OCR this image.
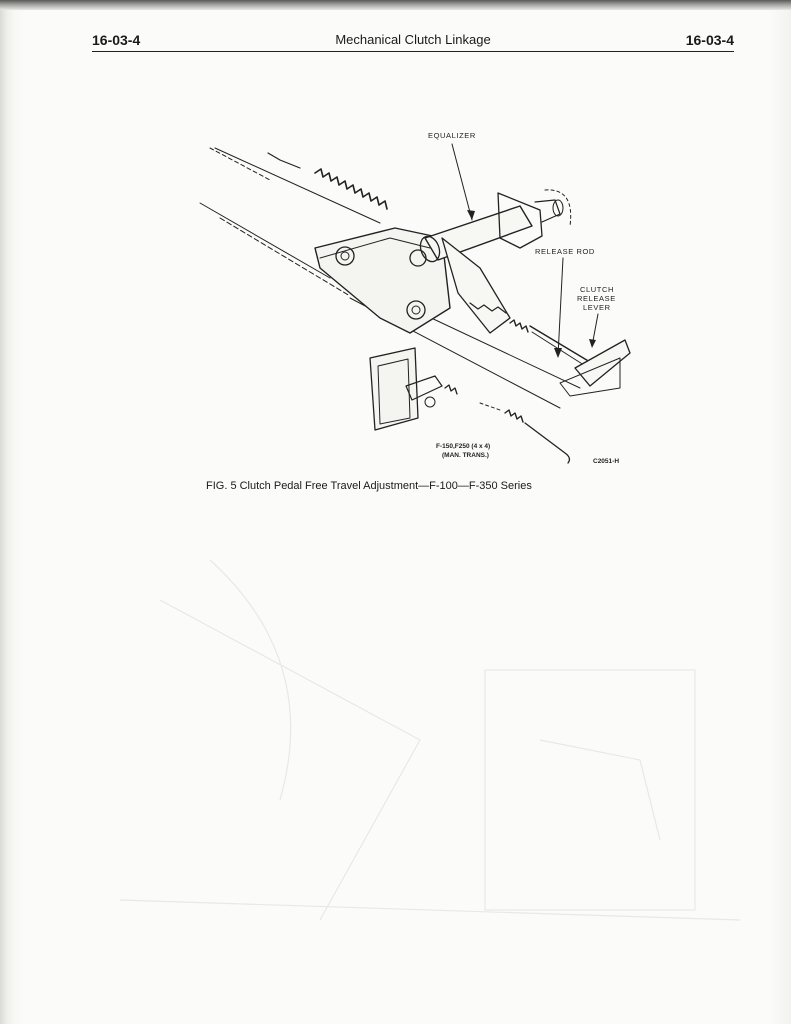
16-03-4	Mechanical Clutch Linkage	16-03-4
EQUALIZER
RELEASE ROD
CLUTCH
RELEASE
LEVER
F-150,F250 (4 x 4)
(MAN. TRANS.)
C2051-H
FIG. 5 Clutch Pedal Free Travel Adjustment—F-100—F-350 Series
